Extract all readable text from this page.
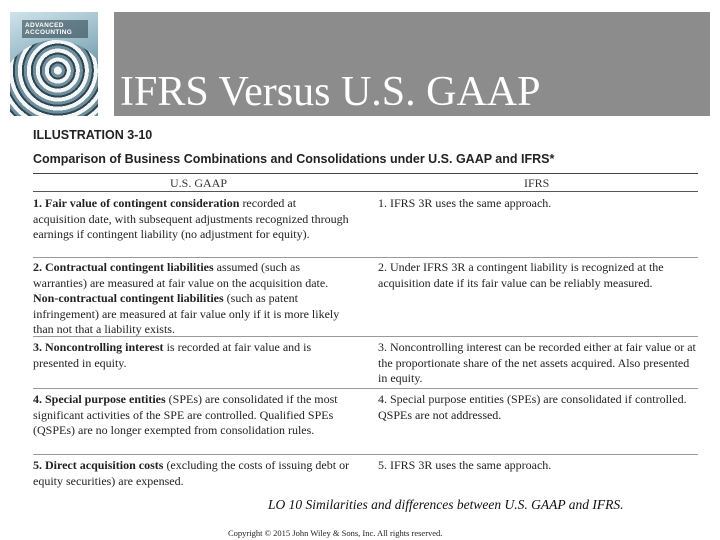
ADVANCED ACCOUNTING
IFRS Versus U.S. GAAP
ILLUSTRATION 3-10
Comparison of Business Combinations and Consolidations under U.S. GAAP and IFRS*
U.S. GAAP	IFRS
1. Fair value of contingent consideration recorded at acquisition date, with subsequent adjustments recognized through earnings if contingent liability (no adjustment for equity).
1. IFRS 3R uses the same approach.
2. Contractual contingent liabilities assumed (such as warranties) are measured at fair value on the acquisition date. Non-contractual contingent liabilities (such as patent infringement) are measured at fair value only if it is more likely than not that a liability exists.
2. Under IFRS 3R a contingent liability is recognized at the acquisition date if its fair value can be reliably measured.
3. Noncontrolling interest is recorded at fair value and is presented in equity.
3. Noncontrolling interest can be recorded either at fair value or at the proportionate share of the net assets acquired. Also presented in equity.
4. Special purpose entities (SPEs) are consolidated if the most significant activities of the SPE are controlled. Qualified SPEs (QSPEs) are no longer exempted from consolidation rules.
4. Special purpose entities (SPEs) are consolidated if controlled. QSPEs are not addressed.
5. Direct acquisition costs (excluding the costs of issuing debt or equity securities) are expensed.
5. IFRS 3R uses the same approach.
LO 10 Similarities and differences between U.S. GAAP and IFRS.
Copyright © 2015 John Wiley & Sons, Inc. All rights reserved.
